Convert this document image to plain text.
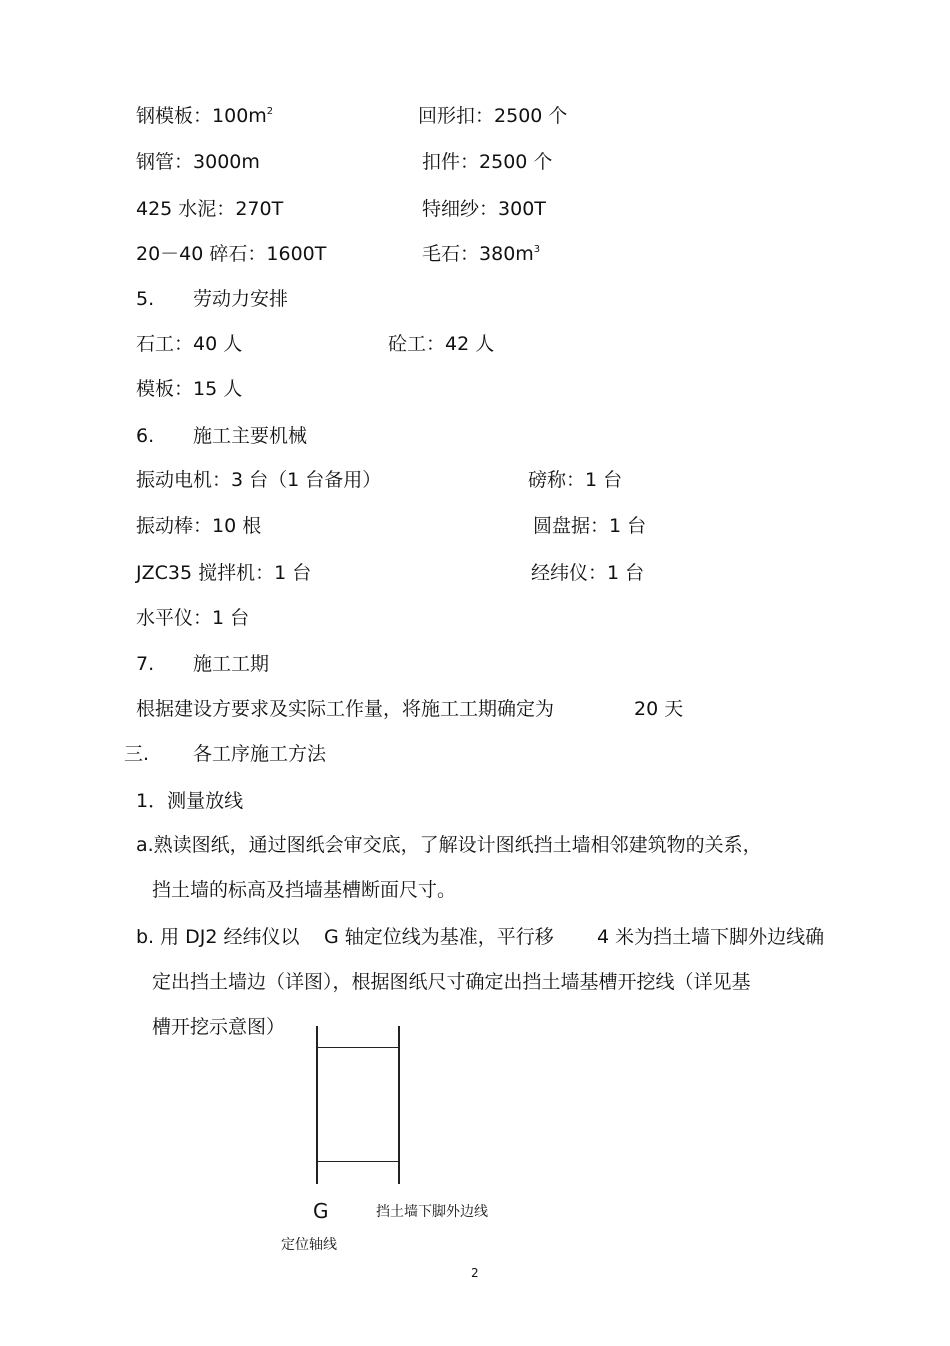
钢模板：$100m^2$	回形扣：2500 个
钢管：3000m	扣件：2500 个
425 水泥：270T	特细纱：300T
20－40 碎石：1600T	毛石：$380m^3$
5. 劳动力安排
石工：40 人	砼工：42 人
模板：15 人
6. 施工主要机械
振动电机：3 台（1 台备用）	磅称：1 台
振动棒：10 根	圆盘据：1 台
JZC35 搅拌机：1 台	经纬仪：1 台
水平仪：1 台
7. 施工工期
根据建设方要求及实际工作量，将施工工期确定为	20 天
三. 各工序施工方法
1．测量放线
a.熟读图纸，通过图纸会审交底，了解设计图纸挡土墙相邻建筑物的关系，
挡土墙的标高及挡墙基槽断面尺寸。
b. 用 DJ2 经纬仪以 G 轴定位线为基准，平行移 4 米为挡土墙下脚外边线确
定出挡土墙边（详图），根据图纸尺寸确定出挡土墙基槽开挖线（详见基
槽开挖示意图）
G	挡土墙下脚外边线
定位轴线
2
